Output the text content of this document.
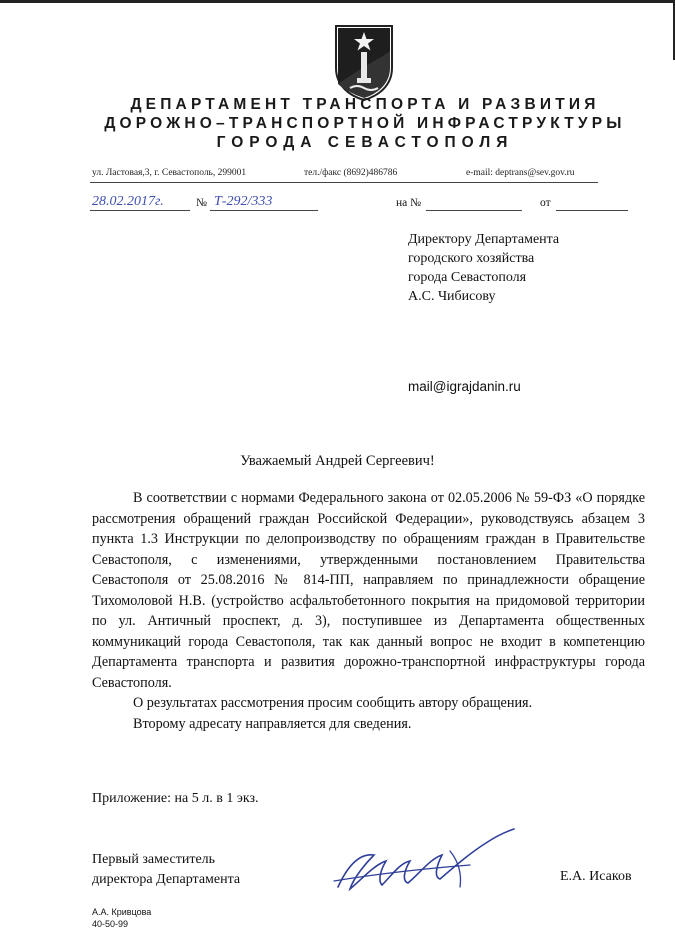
ДЕПАРТАМЕНТ ТРАНСПОРТА И РАЗВИТИЯ
ДОРОЖНО–ТРАНСПОРТНОЙ ИНФРАСТРУКТУРЫ
ГОРОДА СЕВАСТОПОЛЯ
ул. Ластовая,3, г. Севастополь, 299001	тел./факс (8692)486786	e-mail: deptrans@sev.gov.ru
28.02.2017г.	№ Т-292/333	на №	от
Директору Департамента
городского хозяйства
города Севастополя
А.С. Чибисову
mail@igrajdanin.ru
Уважаемый Андрей Сергеевич!

В соответствии с нормами Федерального закона от 02.05.2006 № 59-ФЗ «О порядке рассмотрения обращений граждан Российской Федерации», руководствуясь абзацем 3 пункта 1.3 Инструкции по делопроизводству по обращениям граждан в Правительстве Севастополя, с изменениями, утвержденными постановлением Правительства Севастополя от 25.08.2016 № 814-ПП, направляем по принадлежности обращение Тихомоловой Н.В. (устройство асфальтобетонного покрытия на придомовой территории по ул. Античный проспект, д. 3), поступившее из Департамента общественных коммуникаций города Севастополя, так как данный вопрос не входит в компетенцию Департамента транспорта и развития дорожно-транспортной инфраструктуры города Севастополя.

О результатах рассмотрения просим сообщить автору обращения.

Второму адресату направляется для сведения.

Приложение: на 5 л. в 1 экз.
Первый заместитель
директора Департамента	Е.А. Исаков
А.А. Кривцова
40-50-99
